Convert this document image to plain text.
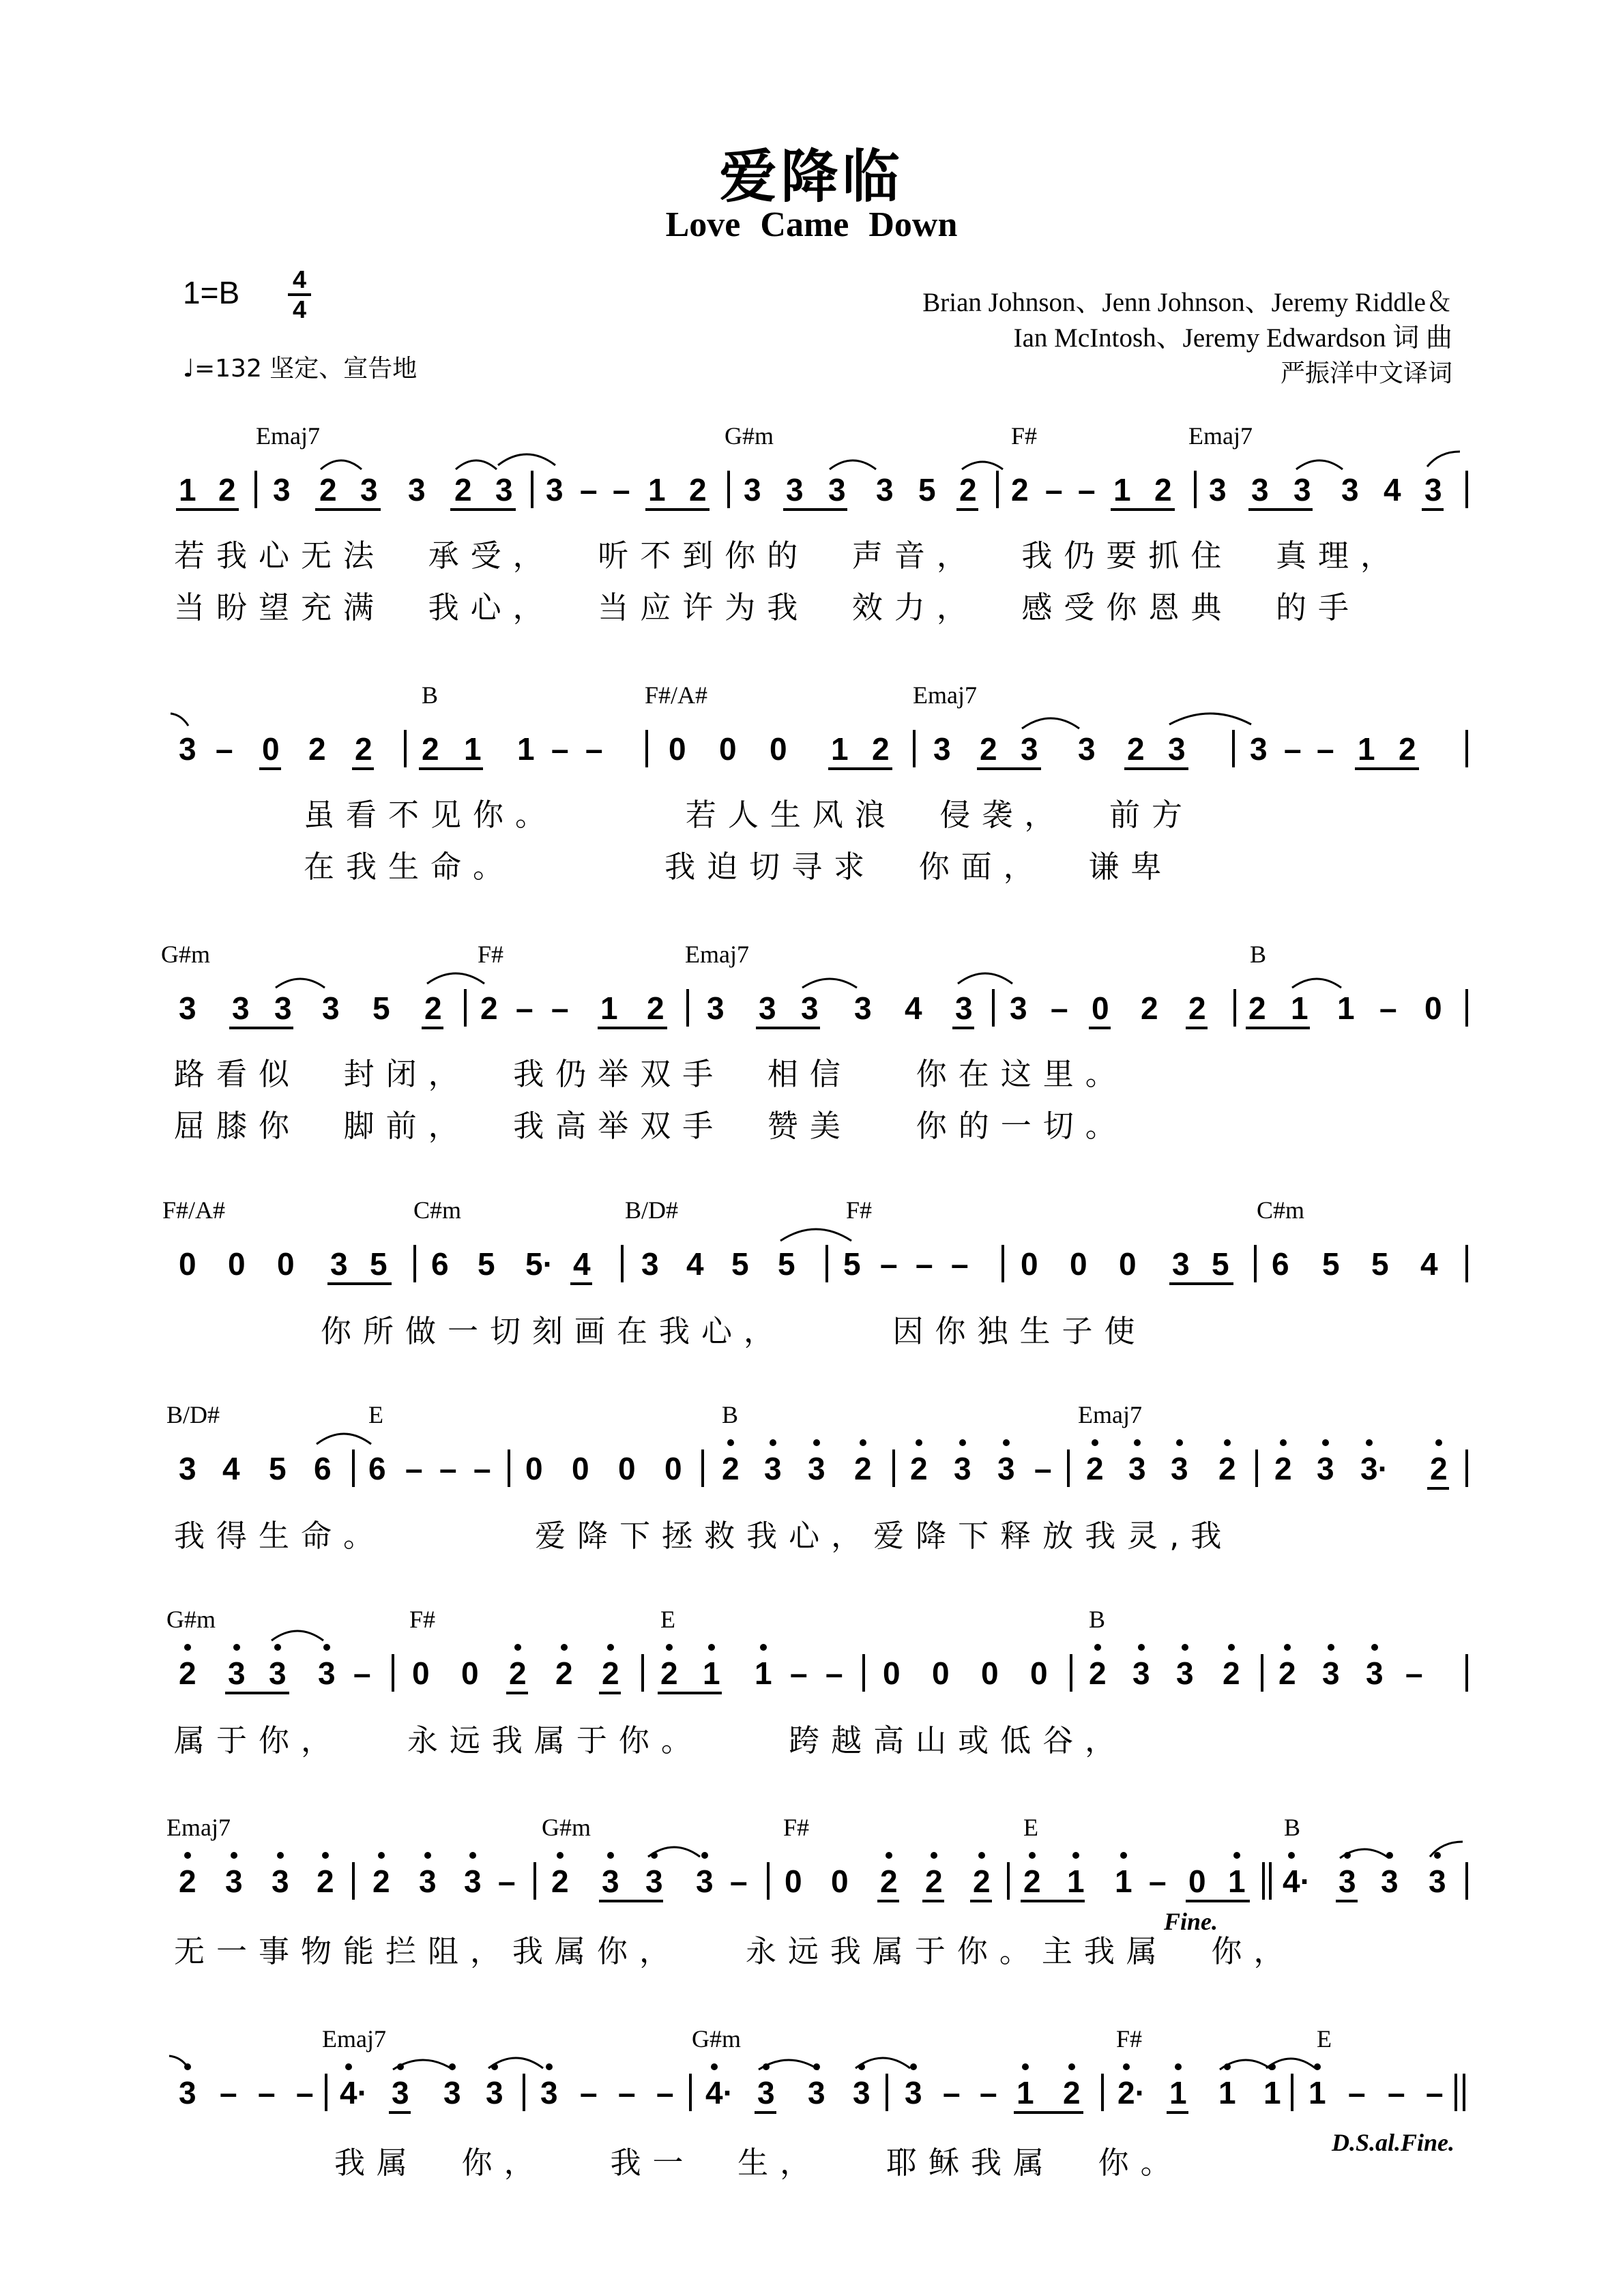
爱降临
Love Came Down
1=B 4
4
♩=132 坚定、宣告地
Brian Johnson、Jenn Johnson、Jeremy Riddle＆
Ian McIntosh、Jeremy Edwardson 词 曲
严振洋中文译词
Emaj7	G#m	F#	Emaj7
1 2 3 2 3 3 2 3 3 – – 1 2 3 3 3 3 5 2 2 – – 1 2 3 3 3 3 4 3
若我心无法  承受，  听不到你的  声音，  我仍要抓住  真理，
当盼望充满  我心，  当应许为我  效力，  感受你恩典  的手
B	F#/A#	Emaj7
3 – 0 2 2 2 1 1 – – 0 0 0 1 2 3 2 3 3 2 3 3 – – 1 2
虽看不见你。      若人生风浪  侵袭，  前方
在我生命。       我迫切寻求  你面，  谦卑
G#m	F#	Emaj7	B
3 3 3 3 5 2 2 – – 1 2 3 3 3 3 4 3 3 – 0 2 2 2 1 1 – 0
路看似  封闭，  我仍举双手  相信   你在这里。
屈膝你  脚前，  我高举双手  赞美   你的一切。
F#/A#	C#m	B/D#	F#	C#m
0 0 0 3 5 6 5 5· 4 3 4 5 5 5 – – – 0 0 0 3 5 6 5 5 4
你所做一切刻画在我心，     因你独生子使
B/D#	E	B	Emaj7
3 4 5 6 6 – – – 0 0 0 0 2 3 3 2 2 3 3 – 2 3 3 2 2 3 3· 2
我得生命。       爱降下拯救我心，爱降下释放我灵,我
G#m	F#	E	B
2 3 3 3 – 0 0 2 2 2 2 1 1 – – 0 0 0 0 2 3 3 2 2 3 3 –
属于你，   永远我属于你。    跨越高山或低谷，
Emaj7	G#m	F#	E	B
2 3 3 2 2 3 3 – 2 3 3 3 – 0 0 2 2 2 2 1 1 – 0 1 4· 3 3 3
Fine.
无一事物能拦阻，我属你，   永远我属于你。主我属  你，
Emaj7	G#m	F#	E
3 – – – 4· 3 3 3 3 – – – 4· 3 3 3 3 – – 1 2 2· 1 1 1 1 – – –
D.S.al.Fine.
我属  你，   我一  生，   耶稣我属  你。
